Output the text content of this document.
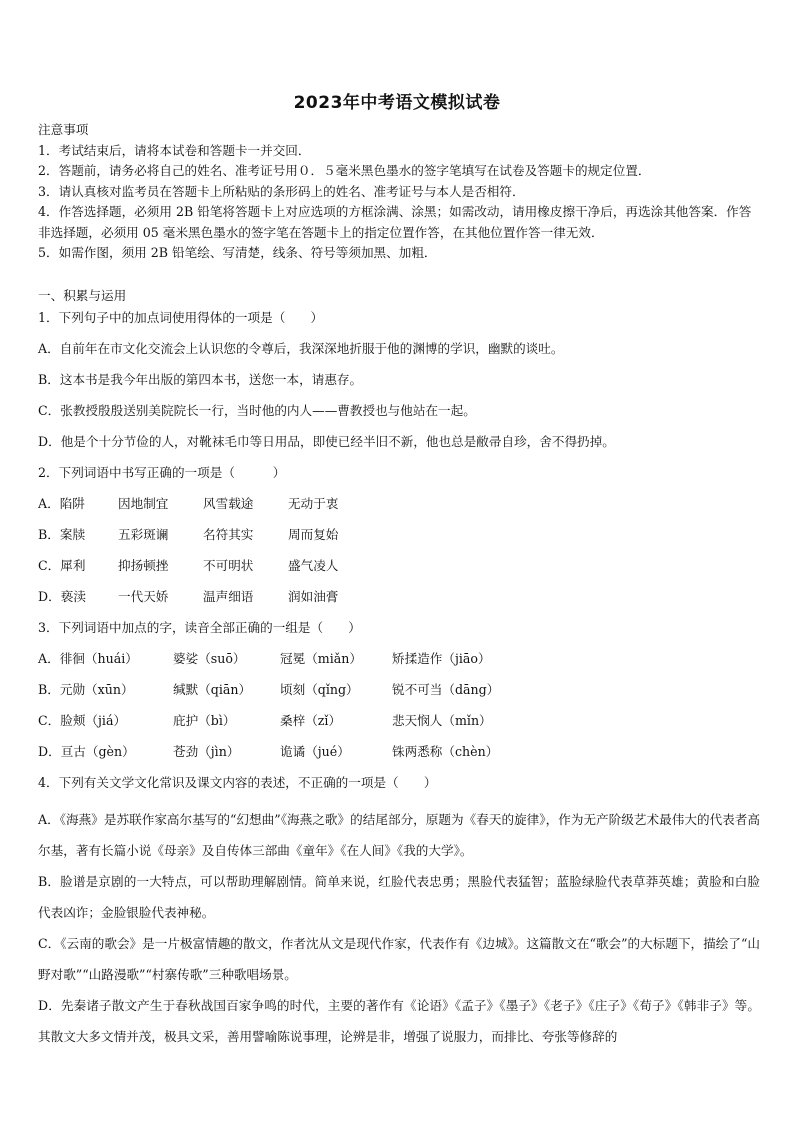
2023年中考语文模拟试卷
注意事项
1．考试结束后，请将本试卷和答题卡一并交回．
2．答题前，请务必将自己的姓名、准考证号用０．５毫米黑色墨水的签字笔填写在试卷及答题卡的规定位置．
3．请认真核对监考员在答题卡上所粘贴的条形码上的姓名、准考证号与本人是否相符．
4．作答选择题，必须用 2B 铅笔将答题卡上对应选项的方框涂满、涂黑；如需改动，请用橡皮擦干净后，再选涂其他答案．作答非选择题，必须用 05 毫米黑色墨水的签字笔在答题卡上的指定位置作答，在其他位置作答一律无效．
5．如需作图，须用 2B 铅笔绘、写清楚，线条、符号等须加黑、加粗．
一、积累与运用
1．下列句子中的加点词使用得体的一项是（　　）
A．自前年在市文化交流会上认识您的令尊后，我深深地折服于他的渊博的学识，幽默的谈吐。
B．这本书是我今年出版的第四本书，送您一本，请惠存。
C．张教授殷殷送别美院院长一行，当时他的内人——曹教授也与他站在一起。
D．他是个十分节俭的人，对靴袜毛巾等日用品，即使已经半旧不新，他也总是敝帚自珍，舍不得扔掉。
2．下列词语中书写正确的一项是（　　　）
A．陷阱	因地制宜	风雪载途	无动于衷
B．案牍	五彩斑谰	名符其实	周而复始
C．犀利	抑扬顿挫	不可明状	盛气凌人
D．亵渎	一代天娇	温声细语	润如油膏
3．下列词语中加点的字，读音全部正确的一组是（　　）
A．徘徊（huái）	婆娑（suō）	冠冕（miǎn） 矫揉造作（jiāo）
B．元勋（xūn）	缄默（qiān） 顷刻（qǐng）	锐不可当（dāng）
C．脸颊（jiá）	庇护（bì）	桑梓（zǐ）	悲天悯人（mǐn）
D．亘古（gèn）	苍劲（jìn）	诡谲（jué）	铢两悉称（chèn）
4．下列有关文学文化常识及课文内容的表述，不正确的一项是（　　）
A．《海燕》是苏联作家高尔基写的“幻想曲”《海燕之歌》的结尾部分，原题为《春天的旋律》，作为无产阶级艺术最伟大的代表者高尔基，著有长篇小说《母亲》及自传体三部曲《童年》《在人间》《我的大学》。
B．脸谱是京剧的一大特点，可以帮助理解剧情。简单来说，红脸代表忠勇；黑脸代表猛智；蓝脸绿脸代表草莽英雄；黄脸和白脸代表凶诈；金脸银脸代表神秘。
C．《云南的歌会》是一片极富情趣的散文，作者沈从文是现代作家，代表作有《边城》。这篇散文在“歌会”的大标题下，描绘了“山野对歌”“山路漫歌”“村寨传歌”三种歌唱场景。
D．先秦诸子散文产生于春秋战国百家争鸣的时代，主要的著作有《论语》《孟子》《墨子》《老子》《庄子》《荀子》《韩非子》等。其散文大多文情并茂，极具文采，善用譬喻陈说事理，论辨是非，增强了说服力，而排比、夸张等修辞的
